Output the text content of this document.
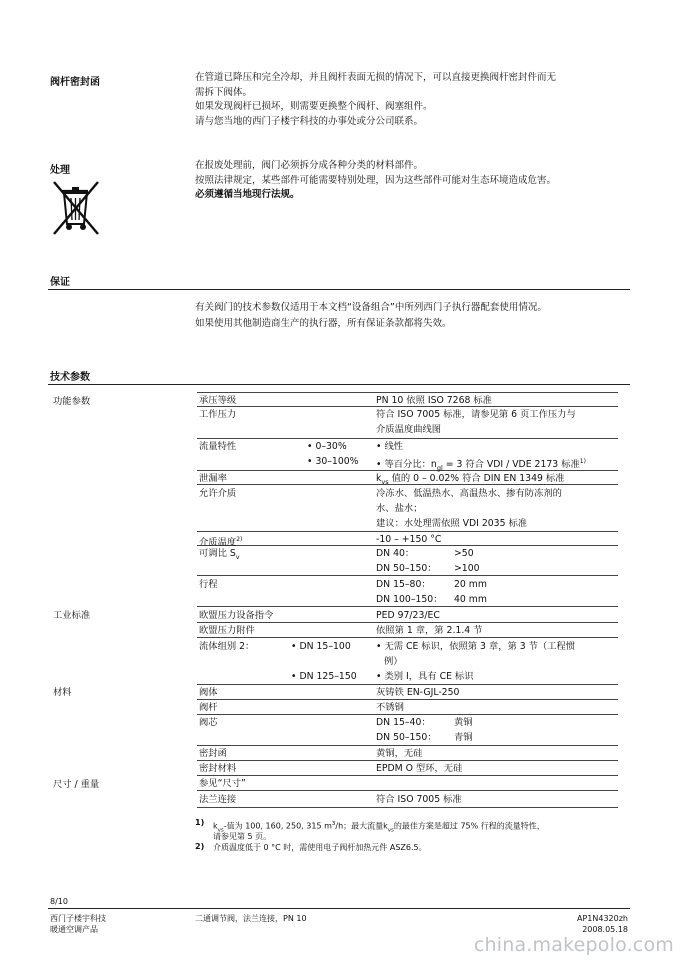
阀杆密封函	在管道已降压和完全冷却，并且阀杆表面无损的情况下，可以直接更换阀杆密封件而无
需拆下阀体。
如果发现阀杆已损坏，则需要更换整个阀杆、阀塞组件。
请与您当地的西门子楼宇科技的办事处或分公司联系。
处理	在报废处理前，阀门必须拆分成各种分类的材料部件。
按照法律规定，某些部件可能需要特别处理，因为这些部件可能对生态环境造成危害。
必须遵循当地现行法规。
保证
有关阀门的技术参数仅适用于本文档“设备组合”中所列西门子执行器配套使用情况。
如果使用其他制造商生产的执行器，所有保证条款都将失效。
技术参数
功能参数
工业标准
材料
尺寸 / 重量
承压等级	PN 10 依照 ISO 7268 标准
工作压力	符合 ISO 7005 标准，请参见第 6 页工作压力与
介质温度曲线图
流量特性	• 0–30%	• 线性
• 30–100% • 等百分比：$n_{gl} = 3$ 符合 VDI / VDE 2173 标准$^{1)}$
泄漏率	$k_{vs}$ 值的 0 – 0.02% 符合 DIN EN 1349 标准
允许介质	冷冻水、低温热水、高温热水、掺有防冻剂的
水、盐水；
建议：水处理需依照 VDI 2035 标准
介质温度$^{2)}$	-10 – +150 °C
可调比 $S_v$	DN 40：	>50
DN 50–150： >100
行程	DN 15–80：	20 mm
DN 100–150： 40 mm
欧盟压力设备指令	PED 97/23/EC
欧盟压力附件	依照第 1 章，第 2.1.4 节
流体组别 2：	• DN 15–100	• 无需 CE 标识，依照第 3 章，第 3 节（工程惯
例）
• DN 125–150 • 类别 I，具有 CE 标识
阀体	灰铸铁 EN-GJL-250
阀杆	不锈钢
阀芯	DN 15–40：	黄铜
DN 50–150： 青铜
密封函	黄铜，无硅
密封材料	EPDM O 型环，无硅
参见“尺寸”
法兰连接	符合 ISO 7005 标准
1) $k_{vs}-$值为 100, 160, 250, 315 $m^3/h$；最大流量$k_{vs}$的最佳方案是超过 75% 行程的流量特性，
请参见第 5 页。
2) 介质温度低于 0 °C 时，需使用电子阀杆加热元件 ASZ6.5。
8/10
西门子楼宇科技
暖通空调产品
二通调节阀，法兰连接，PN 10	AP1N4320zh
2008.05.18
china.makepolo.com
